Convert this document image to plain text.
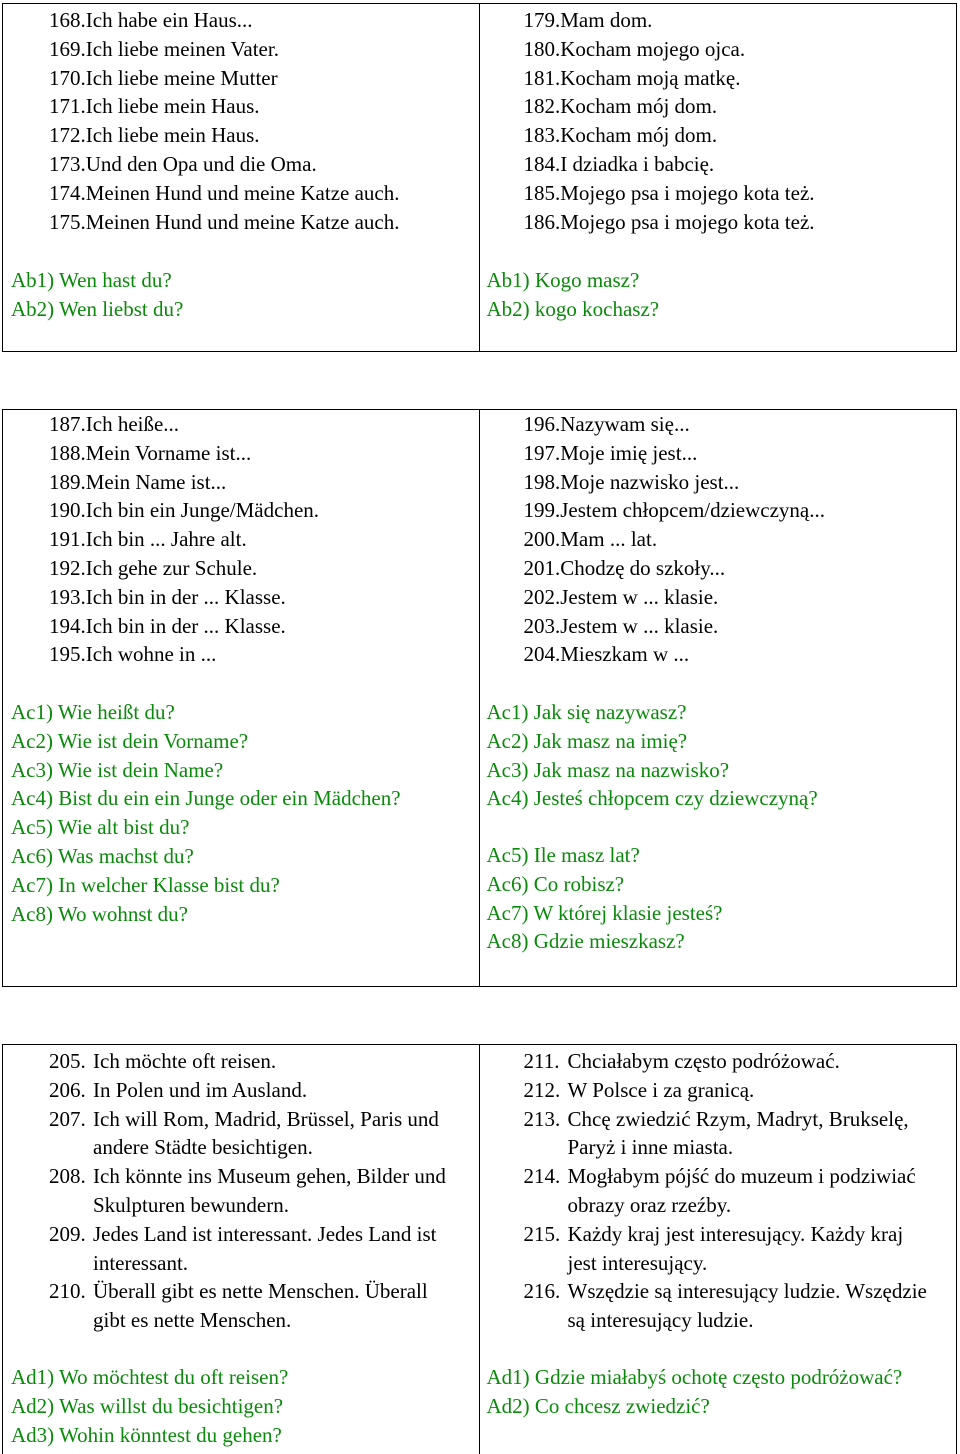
168. Ich habe ein Haus...
169. Ich liebe meinen Vater.
170. Ich liebe meine Mutter
171. Ich liebe mein Haus.
172. Ich liebe mein Haus.
173. Und den Opa und die Oma.
174. Meinen Hund und meine Katze auch.
175. Meinen Hund und meine Katze auch.
Ab1) Wen hast du?
Ab2) Wen liebst du?
179. Mam dom.
180. Kocham mojego ojca.
181. Kocham moją matkę.
182. Kocham mój dom.
183. Kocham mój dom.
184. I dziadka i babcię.
185. Mojego psa i mojego kota też.
186. Mojego psa i mojego kota też.
Ab1) Kogo masz?
Ab2) kogo kochasz?
187. Ich heiße...
188. Mein Vorname ist...
189. Mein Name ist...
190. Ich bin ein Junge/Mädchen.
191. Ich bin ... Jahre alt.
192. Ich gehe zur Schule.
193. Ich bin in der ... Klasse.
194. Ich bin in der ... Klasse.
195. Ich wohne in ...
Ac1) Wie heißt du?
Ac2) Wie ist dein Vorname?
Ac3) Wie ist dein Name?
Ac4) Bist du ein ein Junge oder ein Mädchen?
Ac5) Wie alt bist du?
Ac6) Was machst du?
Ac7) In welcher Klasse bist du?
Ac8) Wo wohnst du?
196. Nazywam się...
197. Moje imię jest...
198. Moje nazwisko jest...
199. Jestem chłopcem/dziewczyną...
200. Mam ... lat.
201. Chodzę do szkoły...
202. Jestem w ... klasie.
203. Jestem w ... klasie.
204. Mieszkam w ...
Ac1) Jak się nazywasz?
Ac2) Jak masz na imię?
Ac3) Jak masz na nazwisko?
Ac4) Jesteś chłopcem czy dziewczyną?
Ac5) Ile masz lat?
Ac6) Co robisz?
Ac7) W której klasie jesteś?
Ac8) Gdzie mieszkasz?
205. Ich möchte oft reisen.
206. In Polen und im Ausland.
207. Ich will Rom, Madrid, Brüssel, Paris und andere Städte besichtigen.
208. Ich könnte ins Museum gehen, Bilder und Skulpturen bewundern.
209. Jedes Land ist interessant. Jedes Land ist interessant.
210. Überall gibt es nette Menschen. Überall gibt es nette Menschen.
Ad1) Wo möchtest du oft reisen?
Ad2) Was willst du besichtigen?
Ad3) Wohin könntest du gehen?
211. Chciałabym często podróżować.
212. W Polsce i za granicą.
213. Chcę zwiedzić Rzym, Madryt, Brukselę, Paryż i inne miasta.
214. Mogłabym pójść do muzeum i podziwiać obrazy oraz rzeźby.
215. Każdy kraj jest interesujący. Każdy kraj jest interesujący.
216. Wszędzie są interesujący ludzie. Wszędzie są interesujący ludzie.
Ad1) Gdzie miałabyś ochotę często podróżować?
Ad2) Co chcesz zwiedzić?
